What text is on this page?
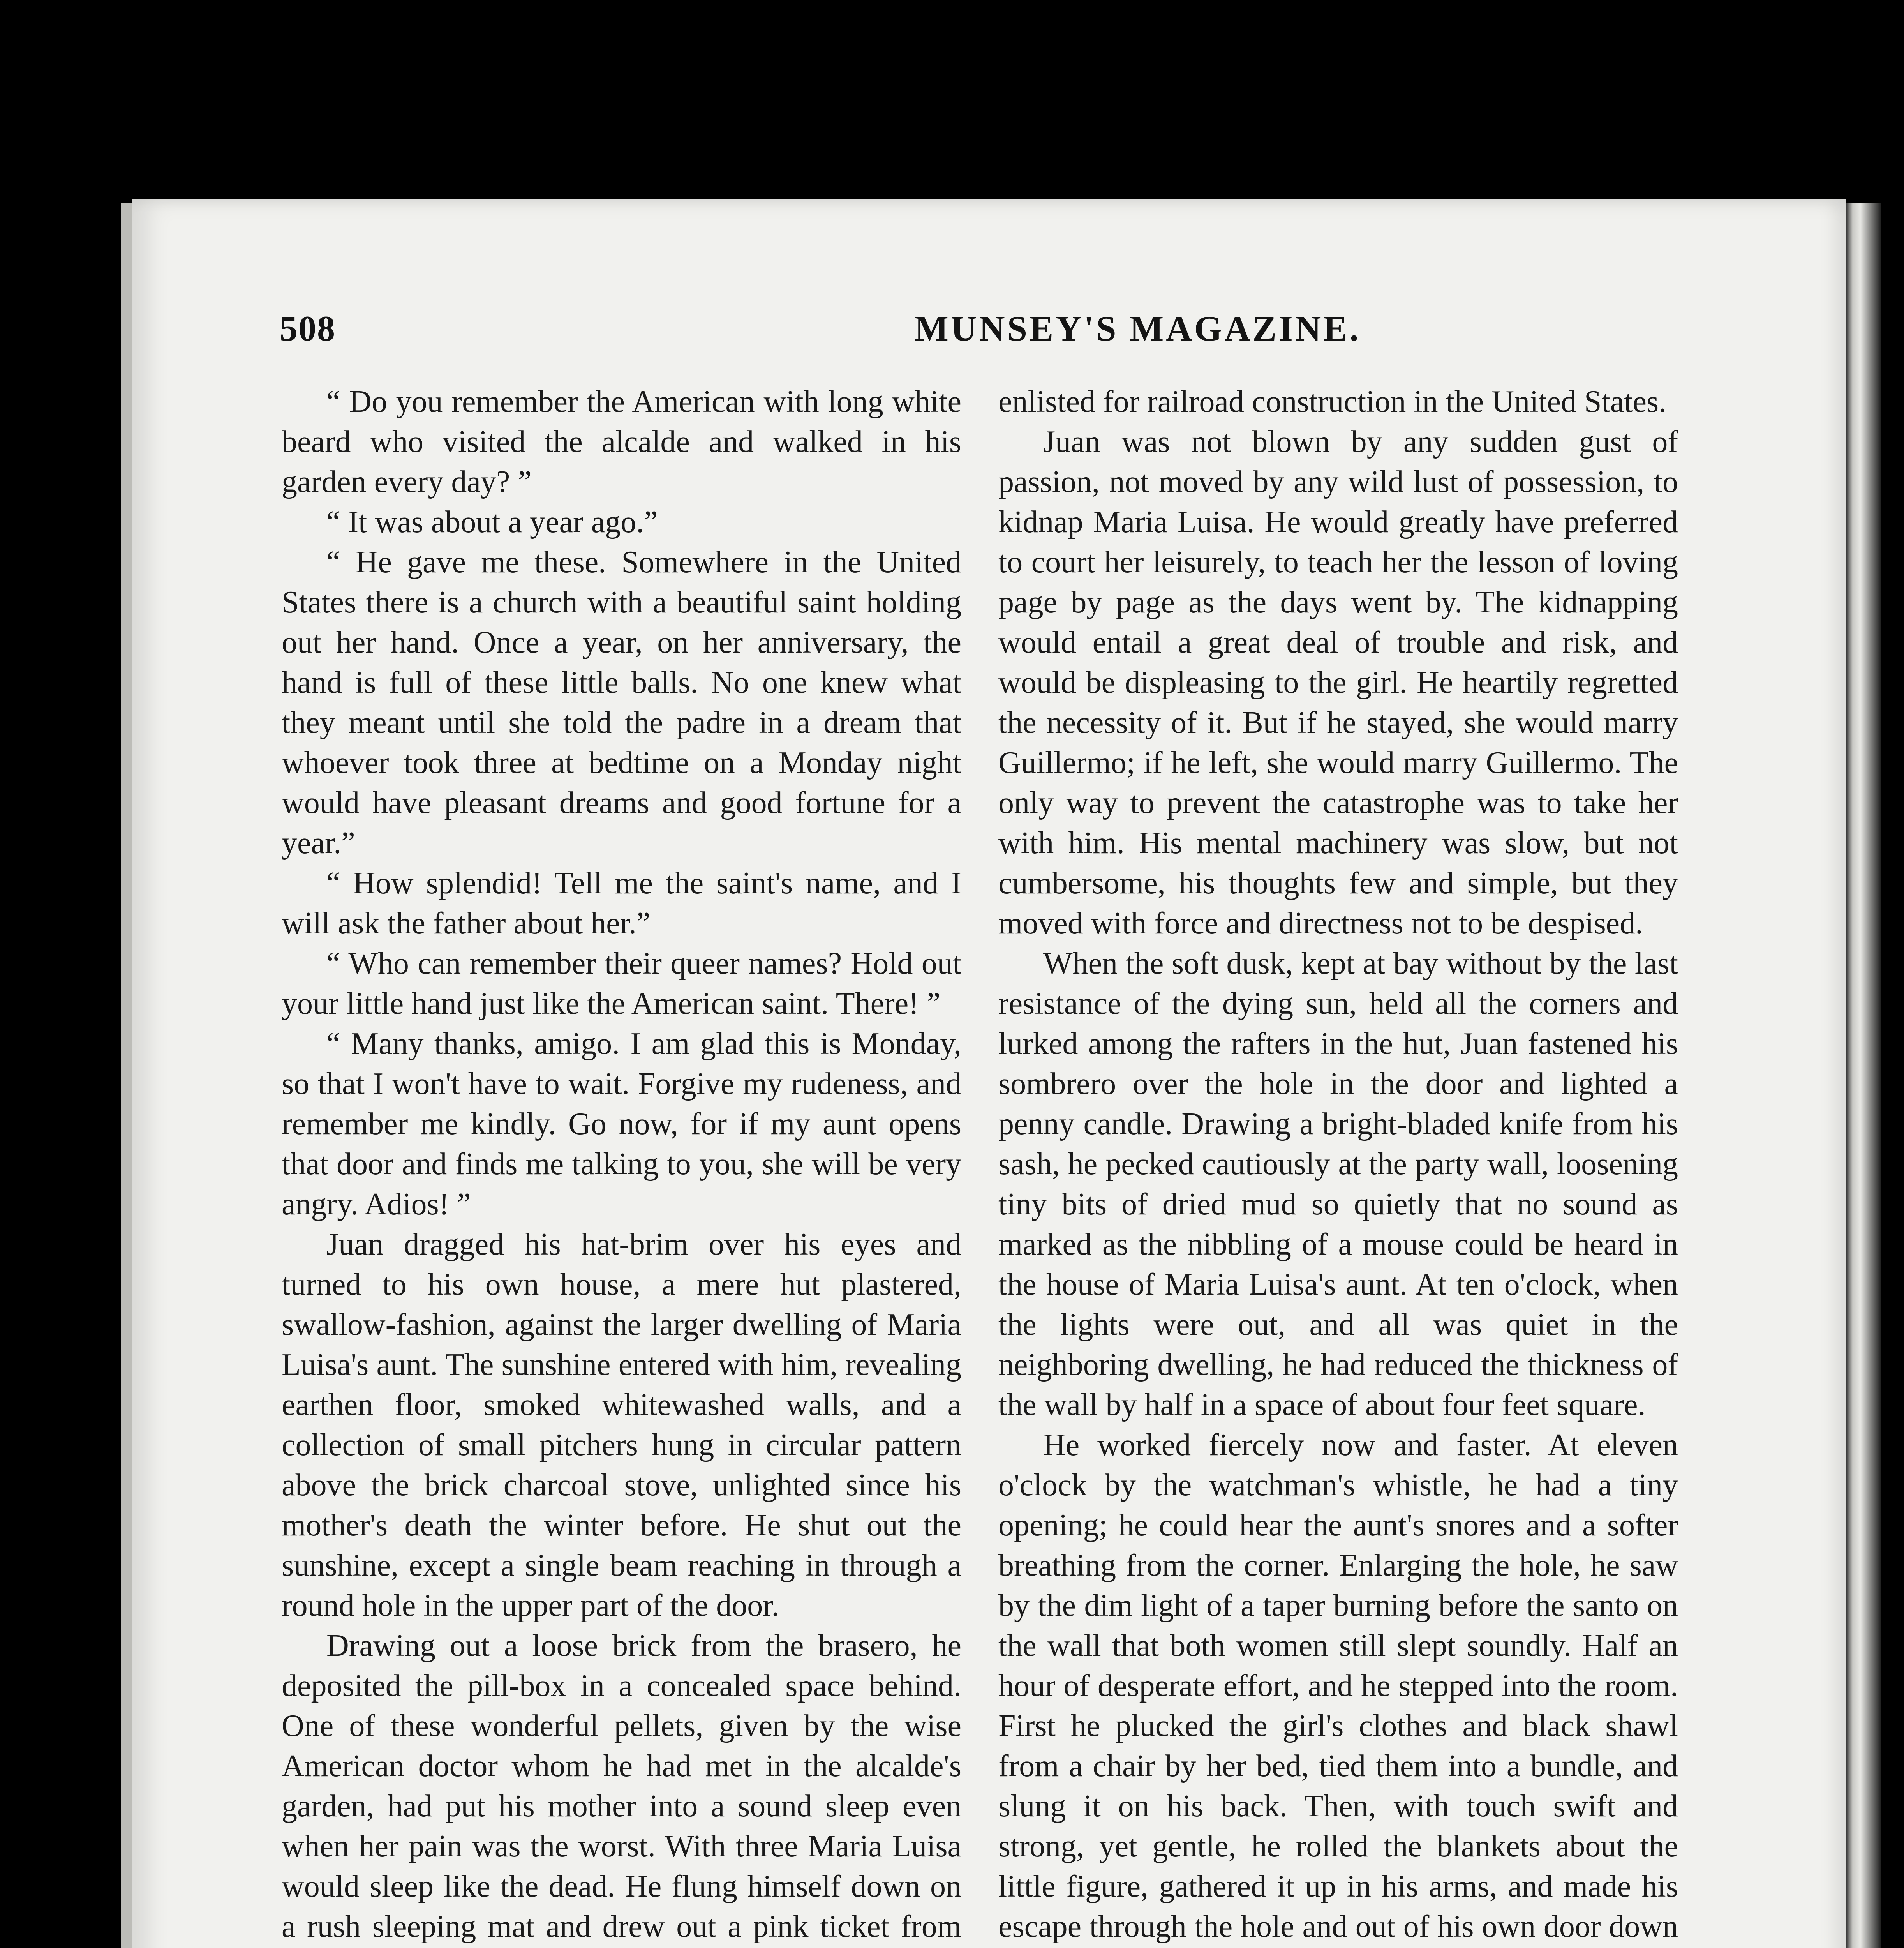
508	MUNSEY'S MAGAZINE.

“ Do you remember the American with long white beard who visited the alcalde and walked in his garden every day? ”

“ It was about a year ago.”

“ He gave me these. Somewhere in the United States there is a church with a beautiful saint holding out her hand. Once a year, on her anniversary, the hand is full of these little balls. No one knew what they meant until she told the padre in a dream that whoever took three at bedtime on a Monday night would have pleasant dreams and good fortune for a year.”

“ How splendid! Tell me the saint's name, and I will ask the father about her.”

“ Who can remember their queer names? Hold out your little hand just like the American saint. There! ”

“ Many thanks, amigo. I am glad this is Monday, so that I won't have to wait. Forgive my rudeness, and remember me kindly. Go now, for if my aunt opens that door and finds me talking to you, she will be very angry. Adios! ”

Juan dragged his hat-brim over his eyes and turned to his own house, a mere hut plastered, swallow-fashion, against the larger dwelling of Maria Luisa's aunt. The sunshine entered with him, revealing earthen floor, smoked whitewashed walls, and a collection of small pitchers hung in circular pattern above the brick charcoal stove, unlighted since his mother's death the winter before. He shut out the sunshine, except a single beam reaching in through a round hole in the upper part of the door.

Drawing out a loose brick from the brasero, he deposited the pill-box in a concealed space behind. One of these wonderful pellets, given by the wise American doctor whom he had met in the alcalde's garden, had put his mother into a sound sleep even when her pain was the worst. With three Maria Luisa would sleep like the dead. He flung himself down on a rush sleeping mat and drew out a pink ticket from

enlisted for railroad construction in the United States.

Juan was not blown by any sudden gust of passion, not moved by any wild lust of possession, to kidnap Maria Luisa. He would greatly have preferred to court her leisurely, to teach her the lesson of loving page by page as the days went by. The kidnapping would entail a great deal of trouble and risk, and would be displeasing to the girl. He heartily regretted the necessity of it. But if he stayed, she would marry Guillermo; if he left, she would marry Guillermo. The only way to prevent the catastrophe was to take her with him. His mental machinery was slow, but not cumbersome, his thoughts few and simple, but they moved with force and directness not to be despised.

When the soft dusk, kept at bay without by the last resistance of the dying sun, held all the corners and lurked among the rafters in the hut, Juan fastened his sombrero over the hole in the door and lighted a penny candle. Drawing a bright-bladed knife from his sash, he pecked cautiously at the party wall, loosening tiny bits of dried mud so quietly that no sound as marked as the nibbling of a mouse could be heard in the house of Maria Luisa's aunt. At ten o'clock, when the lights were out, and all was quiet in the neighboring dwelling, he had reduced the thickness of the wall by half in a space of about four feet square.

He worked fiercely now and faster. At eleven o'clock by the watchman's whistle, he had a tiny opening; he could hear the aunt's snores and a softer breathing from the corner. Enlarging the hole, he saw by the dim light of a taper burning before the santo on the wall that both women still slept soundly. Half an hour of desperate effort, and he stepped into the room. First he plucked the girl's clothes and black shawl from a chair by her bed, tied them into a bundle, and slung it on his back. Then, with touch swift and strong, yet gentle, he rolled the blankets about the little figure, gathered it up in his arms, and made his escape through the hole and out of his own door down
